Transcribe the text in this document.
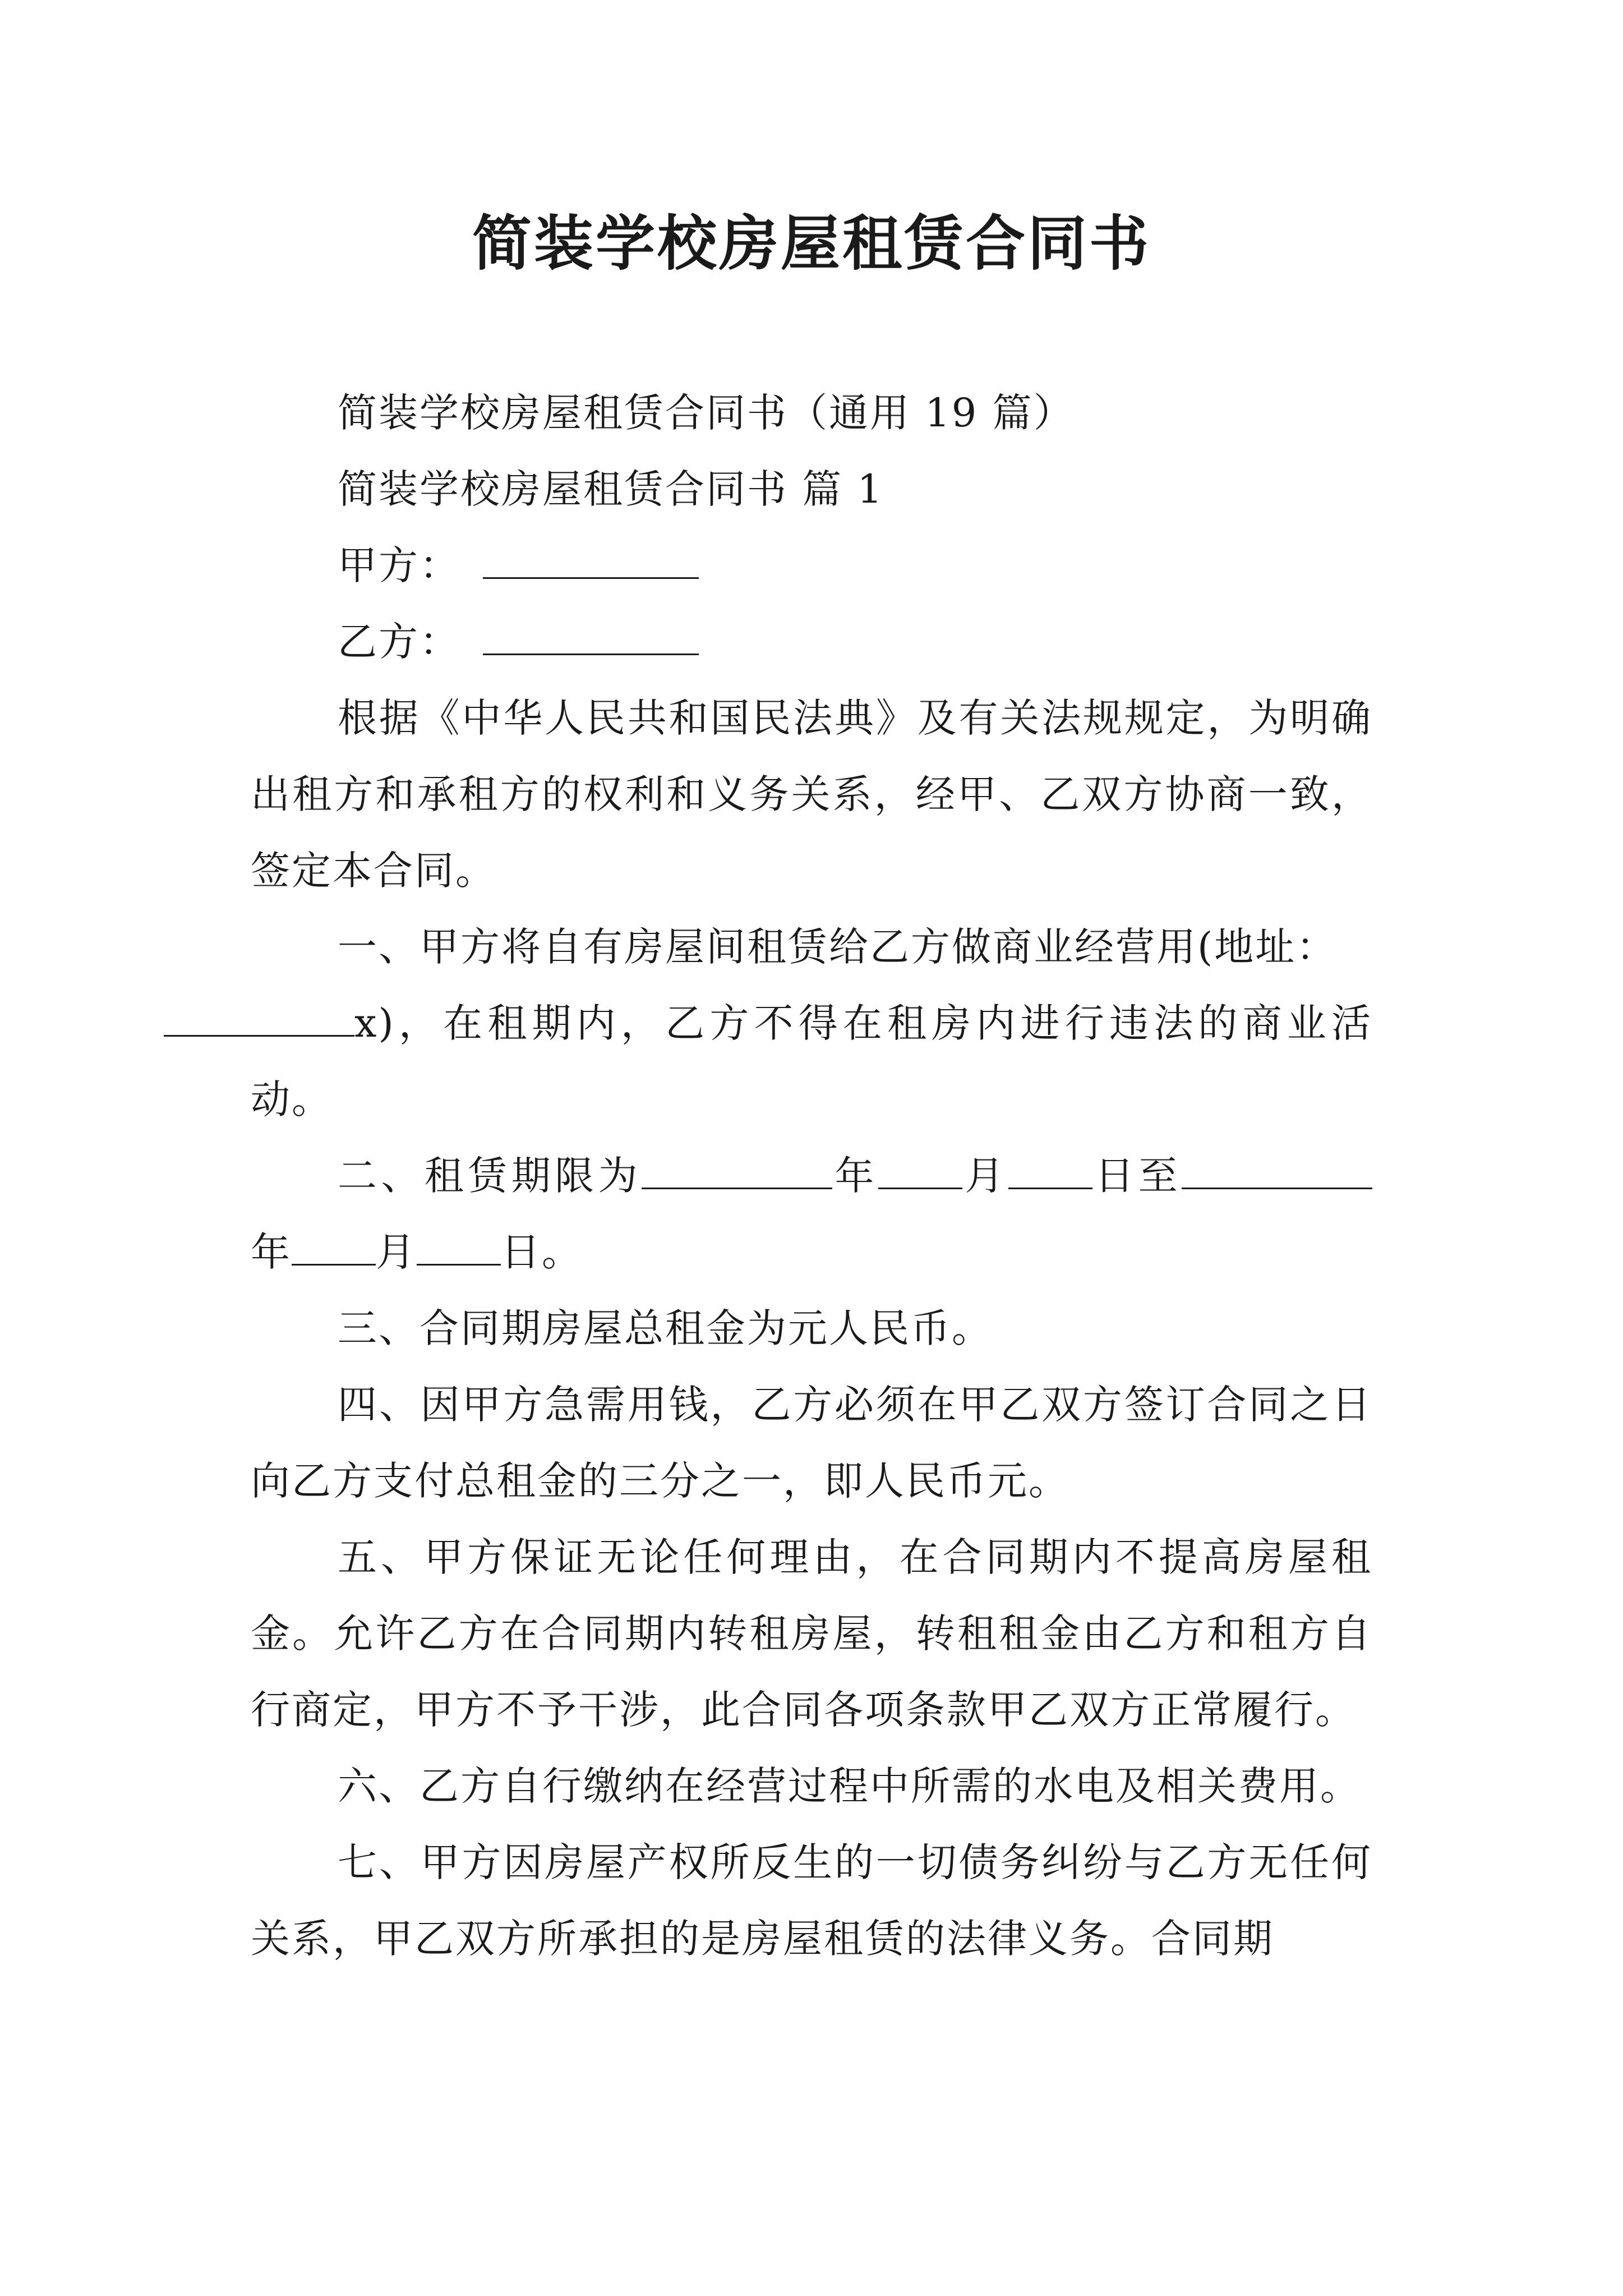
简装学校房屋租赁合同书

简装学校房屋租赁合同书（通用 19 篇）

简装学校房屋租赁合同书 篇 1

甲方：

乙方：

根据《中华人民共和国民法典》及有关法规规定，为明确出租方和承租方的权利和义务关系，经甲、乙双方协商一致，签定本合同。

一、甲方将自有房屋间租赁给乙方做商业经营用(地址：
x)，在租期内，乙方不得在租房内进行违法的商业活动。

二、租赁期限为	年 月 日至年 月 日。

三、合同期房屋总租金为元人民币。

四、因甲方急需用钱，乙方必须在甲乙双方签订合同之日向乙方支付总租金的三分之一，即人民币元。

五、甲方保证无论任何理由，在合同期内不提高房屋租金。允许乙方在合同期内转租房屋，转租租金由乙方和租方自行商定，甲方不予干涉，此合同各项条款甲乙双方正常履行。

六、乙方自行缴纳在经营过程中所需的水电及相关费用。

七、甲方因房屋产权所反生的一切债务纠纷与乙方无任何关系，甲乙双方所承担的是房屋租赁的法律义务。合同期
